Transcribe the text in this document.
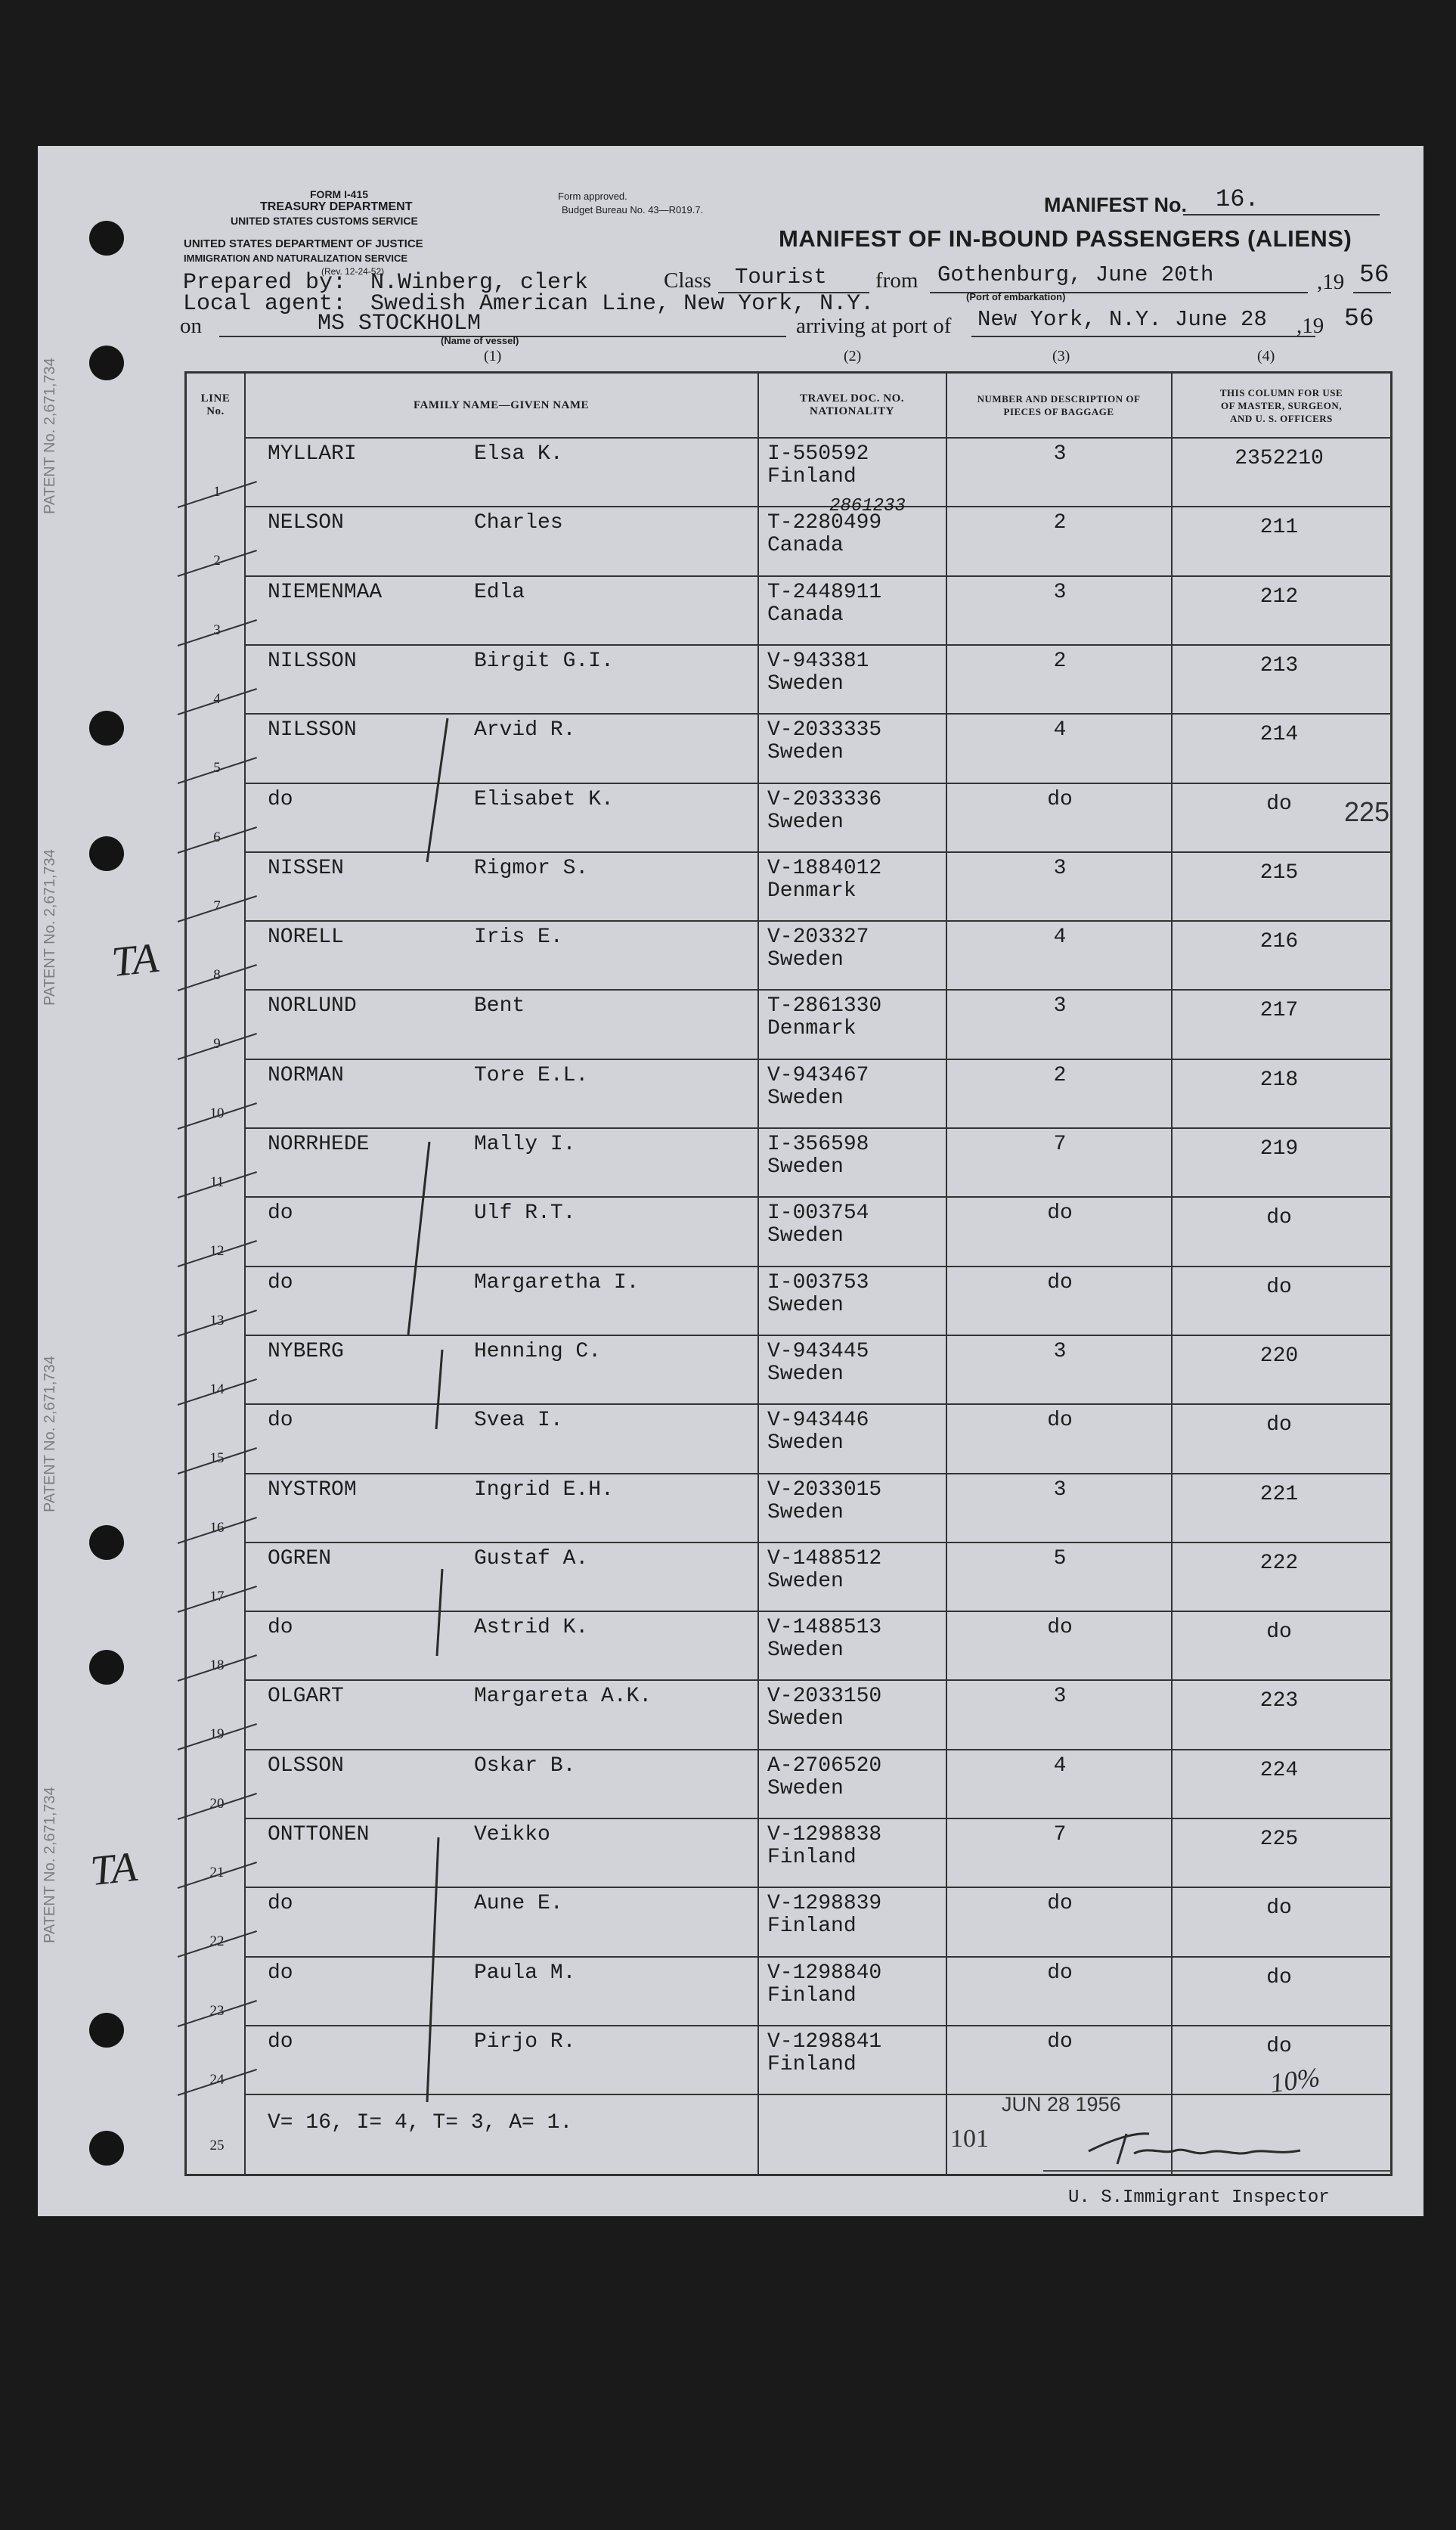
PATENT No. 2,671,734
PATENT No. 2,671,734
PATENT No. 2,671,734
PATENT No. 2,671,734
FORM I-415
TREASURY DEPARTMENT
UNITED STATES CUSTOMS SERVICE
UNITED STATES DEPARTMENT OF JUSTICE
IMMIGRATION AND NATURALIZATION SERVICE
(Rev. 12-24-52)
Form approved.
Budget Bureau No. 43—R019.7.	MANIFEST No. 16.
MANIFEST OF IN-BOUND PASSENGERS (ALIENS)
Prepared by: N.Winberg, clerk	Class Tourist from Gothenburg, June 20th
(Port of embarkation)
,19 56
Local agent: Swedish American Line, New York, N.Y.
on	MS STOCKHOLM
(Name of vessel)
arriving at port of New York, N.Y. June 28 ,19 56
(1)	(2)	(3)	(4)
LINE
No.
FAMILY NAME—GIVEN NAME
TRAVEL DOC. NO.
NATIONALITY
NUMBER AND DESCRIPTION OF
PIECES OF BAGGAGE
THIS COLUMN FOR USE
OF MASTER, SURGEON,
AND U. S. OFFICERS
1
MYLLARI	Elsa K.	I-550592
Finland
3	2352210
2
NELSON	Charles	T-2280499
Canada
2	211
2861233
3
NIEMENMAA	Edla	T-2448911
Canada
3	212
4
NILSSON	Birgit G.I.	V-943381
Sweden
2	213
5
NILSSON	Arvid R.	V-2033335
Sweden
4	214
6
do	Elisabet K.	V-2033336
Sweden
do	do
7
NISSEN	Rigmor S.	V-1884012
Denmark
3	215
8
NORELL	Iris E.	V-203327
Sweden
4	216
9
NORLUND	Bent	T-2861330
Denmark
3	217
10
NORMAN	Tore E.L.	V-943467
Sweden
2	218
11
NORRHEDE	Mally I.	I-356598
Sweden
7	219
12
do	Ulf R.T.	I-003754
Sweden
do	do
13
do	Margaretha I.	I-003753
Sweden
do	do
14
NYBERG	Henning C.	V-943445
Sweden
3	220
15
do	Svea I.	V-943446
Sweden
do	do
16
NYSTROM	Ingrid E.H.	V-2033015
Sweden
3	221
17
OGREN	Gustaf A.	V-1488512
Sweden
5	222
18
do	Astrid K.	V-1488513
Sweden
do	do
19
OLGART	Margareta A.K.	V-2033150
Sweden
3	223
20
OLSSON	Oskar B.	A-2706520
Sweden
4	224
21
ONTTONEN	Veikko	V-1298838
Finland
7	225
22
do	Aune E.	V-1298839
Finland
do	do
23
do	Paula M.	V-1298840
Finland
do	do
24
do	Pirjo R.	V-1298841
Finland
do	do
25
V= 16, I= 4, T= 3, A= 1.
225
10%
TA
TA
101
JUN 28 1956
U. S.Immigrant Inspector
